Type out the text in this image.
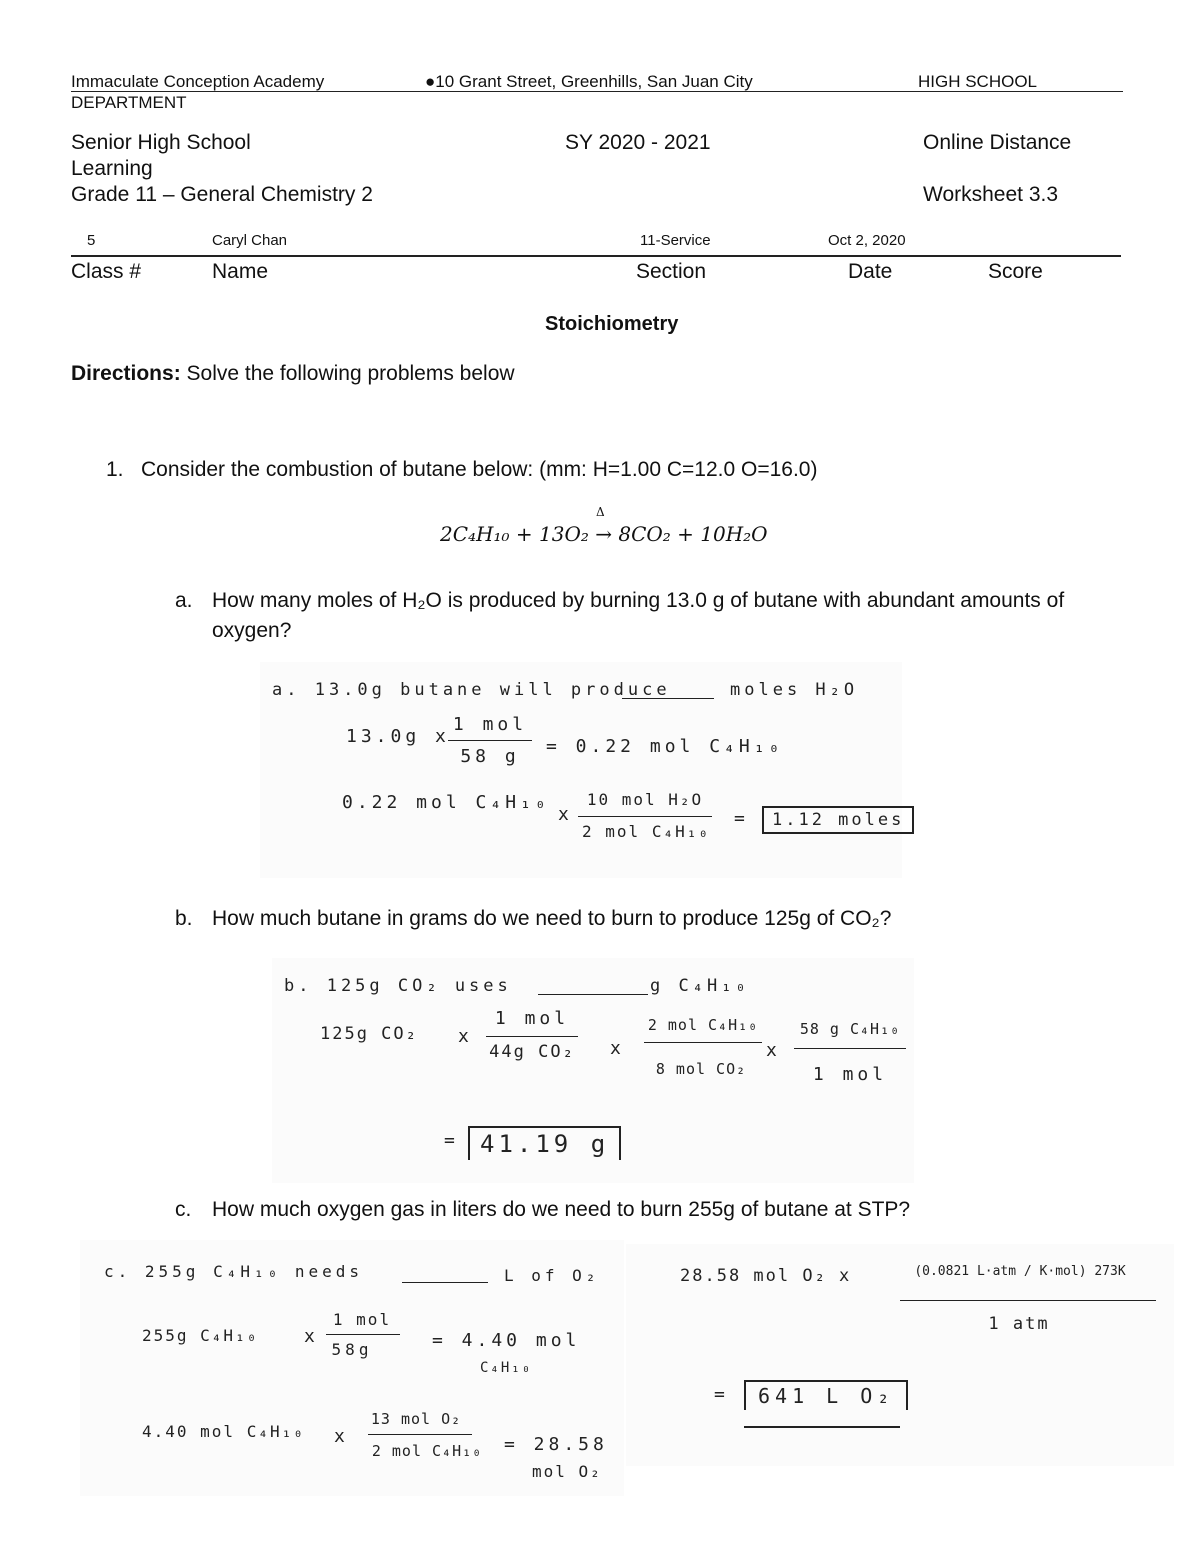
Immaculate Conception Academy	●10 Grant Street, Greenhills, San Juan City	HIGH SCHOOL
DEPARTMENT
Senior High School	SY 2020 - 2021	Online Distance
Learning
Grade 11 – General Chemistry 2	Worksheet 3.3
5	Caryl Chan	11-Service	Oct 2, 2020
Class #	Name	Section	Date	Score
Stoichiometry
Directions: Solve the following problems below
1. Consider the combustion of butane below: (mm: H=1.00 C=12.0 O=16.0)
Δ
2C₄H₁₀ + 13O₂ → 8CO₂ + 10H₂O
a. How many moles of H₂O is produced by burning 13.0 g of butane with abundant amounts of
oxygen?
a. 13.0g butane will produce	moles H₂O
13.0g x
1 mol
58 g	= 0.22 mol C₄H₁₀
0.22 mol C₄H₁₀
x
10 mol H₂O
2 mol C₄H₁₀
=	1.12 moles
b. How much butane in grams do we need to burn to produce 125g of CO₂?
b. 125g CO₂ uses	g C₄H₁₀
125g CO₂ x
1 mol
44g CO₂	x
2 mol C₄H₁₀
8 mol CO₂
x
58 g C₄H₁₀
1 mol
= 41.19 g
c. How much oxygen gas in liters do we need to burn 255g of butane at STP?
c. 255g C₄H₁₀ needs	L of O₂
255g C₄H₁₀	x
1 mol
58g	= 4.40 mol
C₄H₁₀
4.40 mol C₄H₁₀ x
13 mol O₂
2 mol C₄H₁₀	= 28.58
mol O₂
28.58 mol O₂ x	(0.0821 L·atm / K·mol) 273K
1 atm
=	641 L O₂
